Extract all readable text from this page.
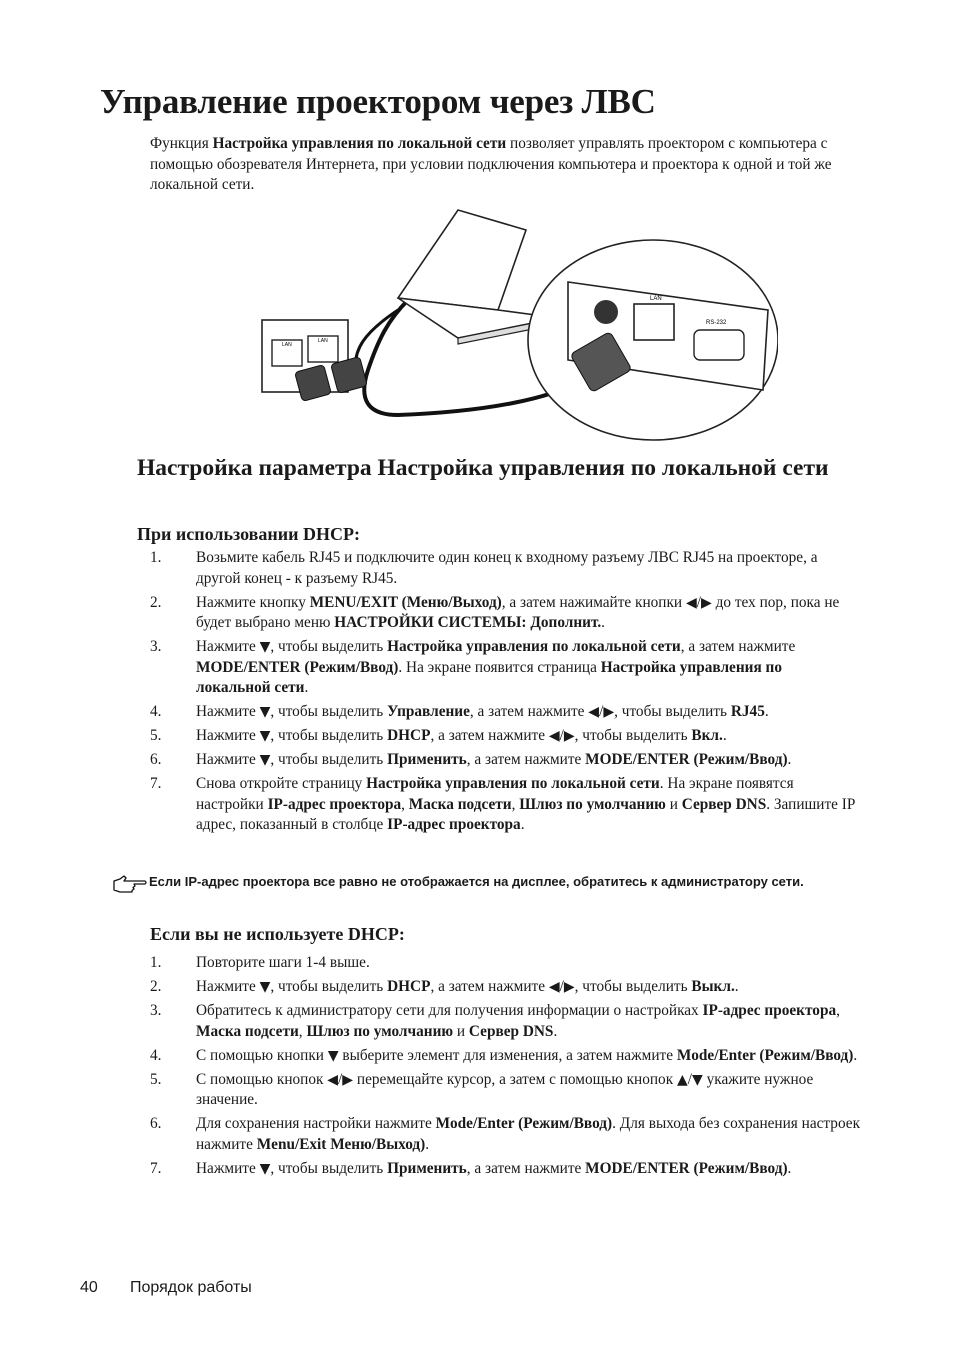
Управление проектором через ЛВС

Функция Настройка управления по локальной сети позволяет управлять проектором с компьютера с помощью обозревателя Интернета, при условии подключения компьютера и проектора к одной и той же локальной сети.

LAN
LAN
LAN
RS-232
Настройка параметра Настройка управления по локальной сети
При использовании DHCP:
1. Возьмите кабель RJ45 и подключите один конец к входному разъему ЛВС RJ45 на проекторе, а другой конец - к разъему RJ45.
2. Нажмите кнопку MENU/EXIT (Меню/Выход), а затем нажимайте кнопки ◀/▶ до тех пор, пока не будет выбрано меню НАСТРОЙКИ СИСТЕМЫ: Дополнит..
3. Нажмите ▼, чтобы выделить Настройка управления по локальной сети, а затем нажмите MODE/ENTER (Режим/Ввод). На экране появится страница Настройка управления по локальной сети.
4. Нажмите ▼, чтобы выделить Управление, а затем нажмите ◀/▶, чтобы выделить RJ45.
5. Нажмите ▼, чтобы выделить DHCP, а затем нажмите ◀/▶, чтобы выделить Вкл..
6. Нажмите ▼, чтобы выделить Применить, а затем нажмите MODE/ENTER (Режим/Ввод).
7. Снова откройте страницу Настройка управления по локальной сети. На экране появятся настройки IP-адрес проектора, Маска подсети, Шлюз по умолчанию и Сервер DNS. Запишите IP адрес, показанный в столбце IP-адрес проектора.
Если IP-адрес проектора все равно не отображается на дисплее, обратитесь к администратору сети.
Если вы не используете DHCP:
1. Повторите шаги 1-4 выше.
2. Нажмите ▼, чтобы выделить DHCP, а затем нажмите ◀/▶, чтобы выделить Выкл..
3. Обратитесь к администратору сети для получения информации о настройках IP-адрес проектора, Маска подсети, Шлюз по умолчанию и Сервер DNS.
4. С помощью кнопки ▼ выберите элемент для изменения, а затем нажмите Mode/Enter (Режим/Ввод).
5. С помощью кнопок ◀/▶ перемещайте курсор, а затем с помощью кнопок ▲/▼ укажите нужное значение.
6. Для сохранения настройки нажмите Mode/Enter (Режим/Ввод). Для выхода без сохранения настроек нажмите Menu/Exit Меню/Выход).
7. Нажмите ▼, чтобы выделить Применить, а затем нажмите MODE/ENTER (Режим/Ввод).
40 Порядок работы
